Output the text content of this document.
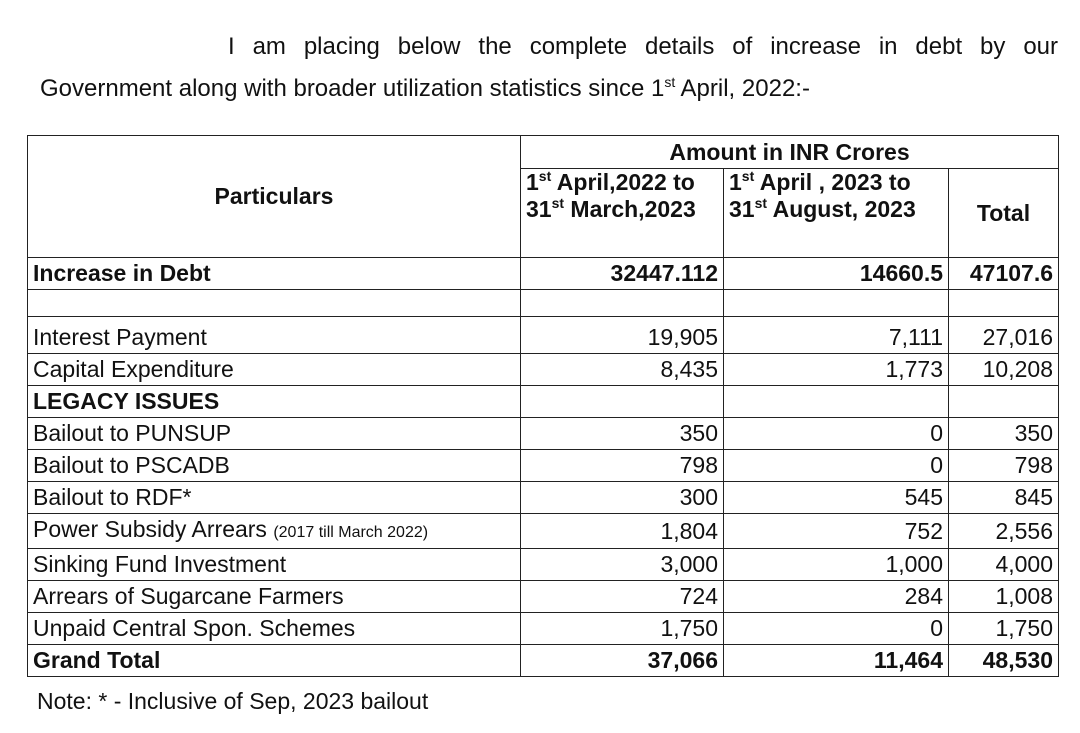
I am placing below the complete details of increase in debt by our Government along with broader utilization statistics since 1st April, 2022:-

Particulars	Amount in INR Crores		
	1st April,2022 to 31st March,2023	1st April , 2023 to 31st August, 2023	Total
Increase in Debt	32447.112	14660.5	47107.6

Interest Payment	19,905	7,111	27,016
Capital Expenditure	8,435	1,773	10,208
LEGACY ISSUES			
Bailout to PUNSUP	350	0	350
Bailout to PSCADB	798	0	798
Bailout to RDF*	300	545	845
Power Subsidy Arrears (2017 till March 2022)	1,804	752	2,556
Sinking Fund Investment	3,000	1,000	4,000
Arrears of Sugarcane Farmers	724	284	1,008
Unpaid Central Spon. Schemes	1,750	0	1,750
Grand Total	37,066	11,464	48,530

Note: * - Inclusive of Sep, 2023 bailout
